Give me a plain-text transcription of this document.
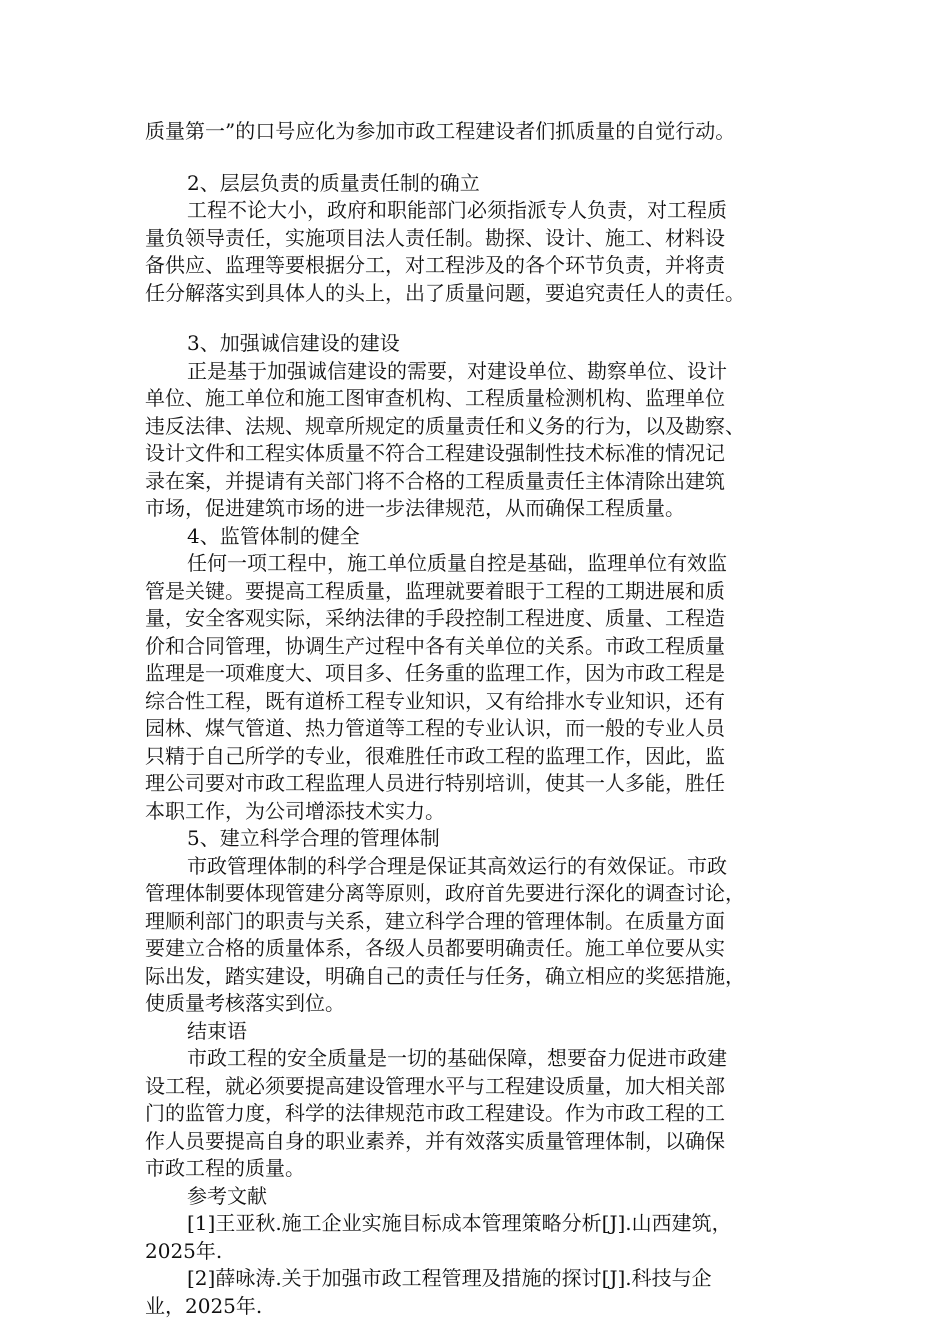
质量第一”的口号应化为参加市政工程建设者们抓质量的自觉行动。
2、层层负责的质量责任制的确立
工程不论大小，政府和职能部门必须指派专人负责，对工程质
量负领导责任，实施项目法人责任制。勘探、设计、施工、材料设
备供应、监理等要根据分工，对工程涉及的各个环节负责，并将责
任分解落实到具体人的头上，出了质量问题，要追究责任人的责任。
3、加强诚信建设的建设
正是基于加强诚信建设的需要，对建设单位、勘察单位、设计
单位、施工单位和施工图审查机构、工程质量检测机构、监理单位
违反法律、法规、规章所规定的质量责任和义务的行为，以及勘察、
设计文件和工程实体质量不符合工程建设强制性技术标准的情况记
录在案，并提请有关部门将不合格的工程质量责任主体清除出建筑
市场，促进建筑市场的进一步法律规范，从而确保工程质量。
4、监管体制的健全
任何一项工程中，施工单位质量自控是基础，监理单位有效监
管是关键。要提高工程质量，监理就要着眼于工程的工期进展和质
量，安全客观实际，采纳法律的手段控制工程进度、质量、工程造
价和合同管理，协调生产过程中各有关单位的关系。市政工程质量
监理是一项难度大、项目多、任务重的监理工作，因为市政工程是
综合性工程，既有道桥工程专业知识，又有给排水专业知识，还有
园林、煤气管道、热力管道等工程的专业认识，而一般的专业人员
只精于自己所学的专业，很难胜任市政工程的监理工作，因此，监
理公司要对市政工程监理人员进行特别培训，使其一人多能，胜任
本职工作，为公司增添技术实力。
5、建立科学合理的管理体制
市政管理体制的科学合理是保证其高效运行的有效保证。市政
管理体制要体现管建分离等原则，政府首先要进行深化的调查讨论，
理顺利部门的职责与关系，建立科学合理的管理体制。在质量方面
要建立合格的质量体系，各级人员都要明确责任。施工单位要从实
际出发，踏实建设，明确自己的责任与任务，确立相应的奖惩措施，
使质量考核落实到位。
结束语
市政工程的安全质量是一切的基础保障，想要奋力促进市政建
设工程，就必须要提高建设管理水平与工程建设质量，加大相关部
门的监管力度，科学的法律规范市政工程建设。作为市政工程的工
作人员要提高自身的职业素养，并有效落实质量管理体制，以确保
市政工程的质量。
参考文献
[1]王亚秋.施工企业实施目标成本管理策略分析[J].山西建筑，
2025年.
[2]薛咏涛.关于加强市政工程管理及措施的探讨[J].科技与企
业，2025年.
